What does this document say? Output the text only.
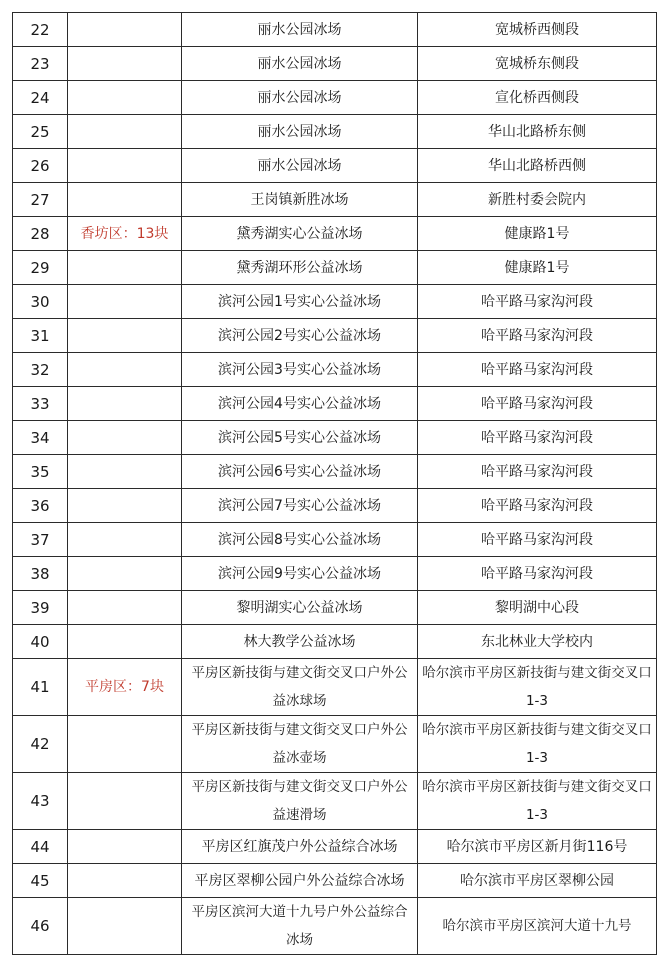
22		丽水公园冰场	宽城桥西侧段
23		丽水公园冰场	宽城桥东侧段
24		丽水公园冰场	宣化桥西侧段
25		丽水公园冰场	华山北路桥东侧
26		丽水公园冰场	华山北路桥西侧
27		王岗镇新胜冰场	新胜村委会院内
28	香坊区：13块	黛秀湖实心公益冰场	健康路1号
29		黛秀湖环形公益冰场	健康路1号
30		滨河公园1号实心公益冰场	哈平路马家沟河段
31		滨河公园2号实心公益冰场	哈平路马家沟河段
32		滨河公园3号实心公益冰场	哈平路马家沟河段
33		滨河公园4号实心公益冰场	哈平路马家沟河段
34		滨河公园5号实心公益冰场	哈平路马家沟河段
35		滨河公园6号实心公益冰场	哈平路马家沟河段
36		滨河公园7号实心公益冰场	哈平路马家沟河段
37		滨河公园8号实心公益冰场	哈平路马家沟河段
38		滨河公园9号实心公益冰场	哈平路马家沟河段
39		黎明湖实心公益冰场	黎明湖中心段
40		林大教学公益冰场	东北林业大学校内
41	平房区：7块	平房区新技街与建文街交叉口户外公益冰球场	哈尔滨市平房区新技街与建文街交叉口1-3
42		平房区新技街与建文街交叉口户外公益冰壶场	哈尔滨市平房区新技街与建文街交叉口1-3
43		平房区新技街与建文街交叉口户外公益速滑场	哈尔滨市平房区新技街与建文街交叉口1-3
44		平房区红旗茂户外公益综合冰场	哈尔滨市平房区新月街116号
45		平房区翠柳公园户外公益综合冰场	哈尔滨市平房区翠柳公园
46		平房区滨河大道十九号户外公益综合冰场	哈尔滨市平房区滨河大道十九号
